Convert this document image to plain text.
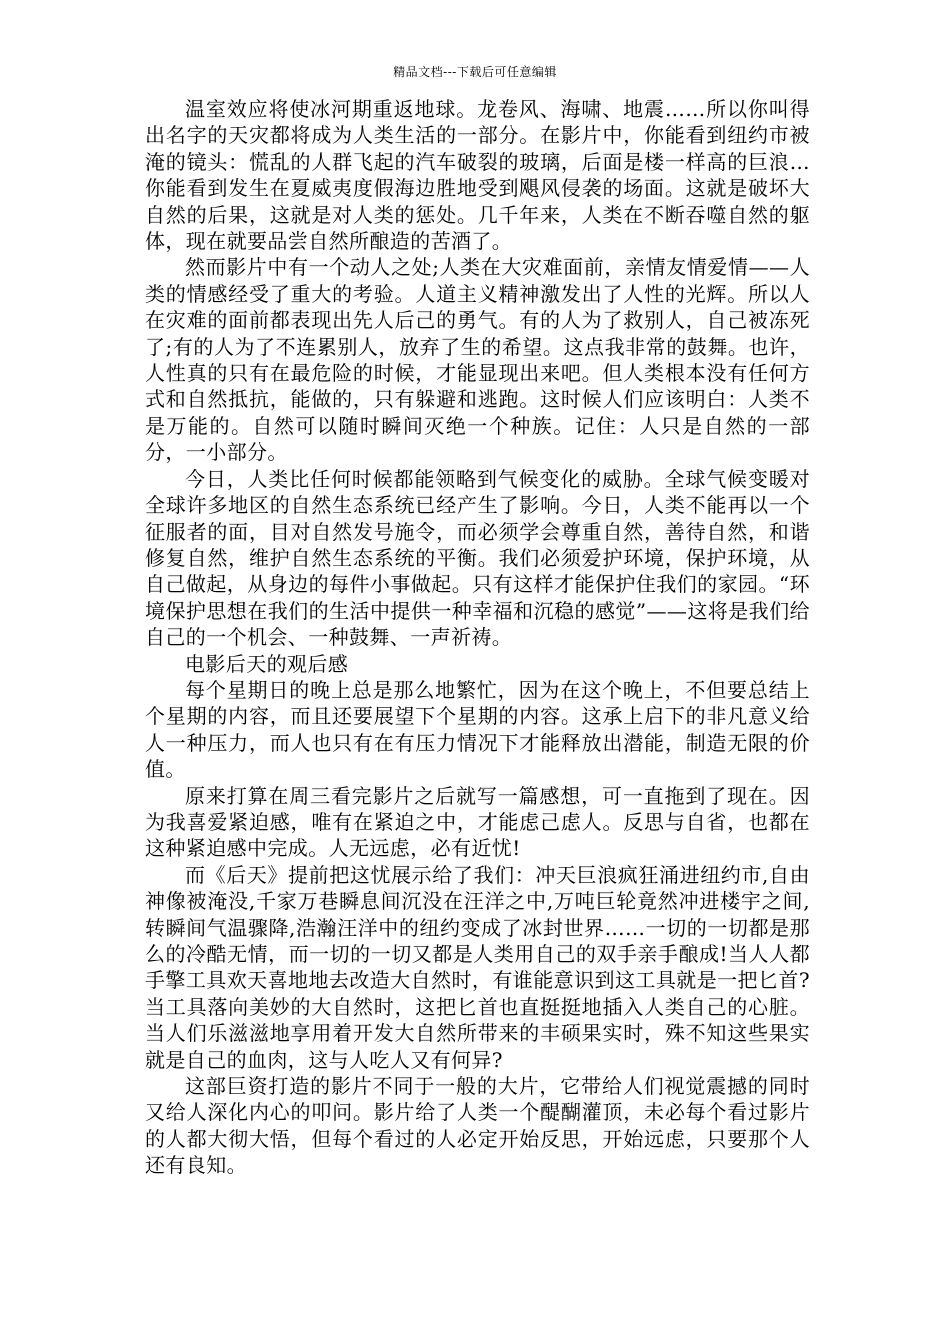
精品文档---下载后可任意编辑

温室效应将使冰河期重返地球。龙卷风、海啸、地震……所以你叫得出名字的天灾都将成为人类生活的一部分。在影片中，你能看到纽约市被淹的镜头：慌乱的人群飞起的汽车破裂的玻璃，后面是楼一样高的巨浪…你能看到发生在夏威夷度假海边胜地受到飓风侵袭的场面。这就是破坏大自然的后果，这就是对人类的惩处。几千年来，人类在不断吞噬自然的躯体，现在就要品尝自然所酿造的苦酒了。

然而影片中有一个动人之处;人类在大灾难面前，亲情友情爱情——人类的情感经受了重大的考验。人道主义精神激发出了人性的光辉。所以人在灾难的面前都表现出先人后己的勇气。有的人为了救别人，自己被冻死了;有的人为了不连累别人，放弃了生的希望。这点我非常的鼓舞。也许，人性真的只有在最危险的时候，才能显现出来吧。但人类根本没有任何方式和自然抵抗，能做的，只有躲避和逃跑。这时候人们应该明白：人类不是万能的。自然可以随时瞬间灭绝一个种族。记住：人只是自然的一部分，一小部分。

今日，人类比任何时候都能领略到气候变化的威胁。全球气候变暖对全球许多地区的自然生态系统已经产生了影响。今日，人类不能再以一个征服者的面，目对自然发号施令，而必须学会尊重自然，善待自然，和谐修复自然，维护自然生态系统的平衡。我们必须爱护环境，保护环境，从自己做起，从身边的每件小事做起。只有这样才能保护住我们的家园。“环境保护思想在我们的生活中提供一种幸福和沉稳的感觉”——这将是我们给自己的一个机会、一种鼓舞、一声祈祷。

电影后天的观后感

每个星期日的晚上总是那么地繁忙，因为在这个晚上，不但要总结上个星期的内容，而且还要展望下个星期的内容。这承上启下的非凡意义给人一种压力，而人也只有在有压力情况下才能释放出潜能，制造无限的价值。

原来打算在周三看完影片之后就写一篇感想，可一直拖到了现在。因为我喜爱紧迫感，唯有在紧迫之中，才能虑己虑人。反思与自省，也都在这种紧迫感中完成。人无远虑，必有近忧!

而《后天》提前把这忧展示给了我们：冲天巨浪疯狂涌进纽约市,自由神像被淹没,千家万巷瞬息间沉没在汪洋之中,万吨巨轮竟然冲进楼宇之间,转瞬间气温骤降,浩瀚汪洋中的纽约变成了冰封世界……一切的一切都是那么的冷酷无情，而一切的一切又都是人类用自己的双手亲手酿成!当人人都手擎工具欢天喜地地去改造大自然时，有谁能意识到这工具就是一把匕首?当工具落向美妙的大自然时，这把匕首也直挺挺地插入人类自己的心脏。当人们乐滋滋地享用着开发大自然所带来的丰硕果实时，殊不知这些果实就是自己的血肉，这与人吃人又有何异?

这部巨资打造的影片不同于一般的大片，它带给人们视觉震撼的同时又给人深化内心的叩问。影片给了人类一个醍醐灌顶，未必每个看过影片的人都大彻大悟，但每个看过的人必定开始反思，开始远虑，只要那个人还有良知。
